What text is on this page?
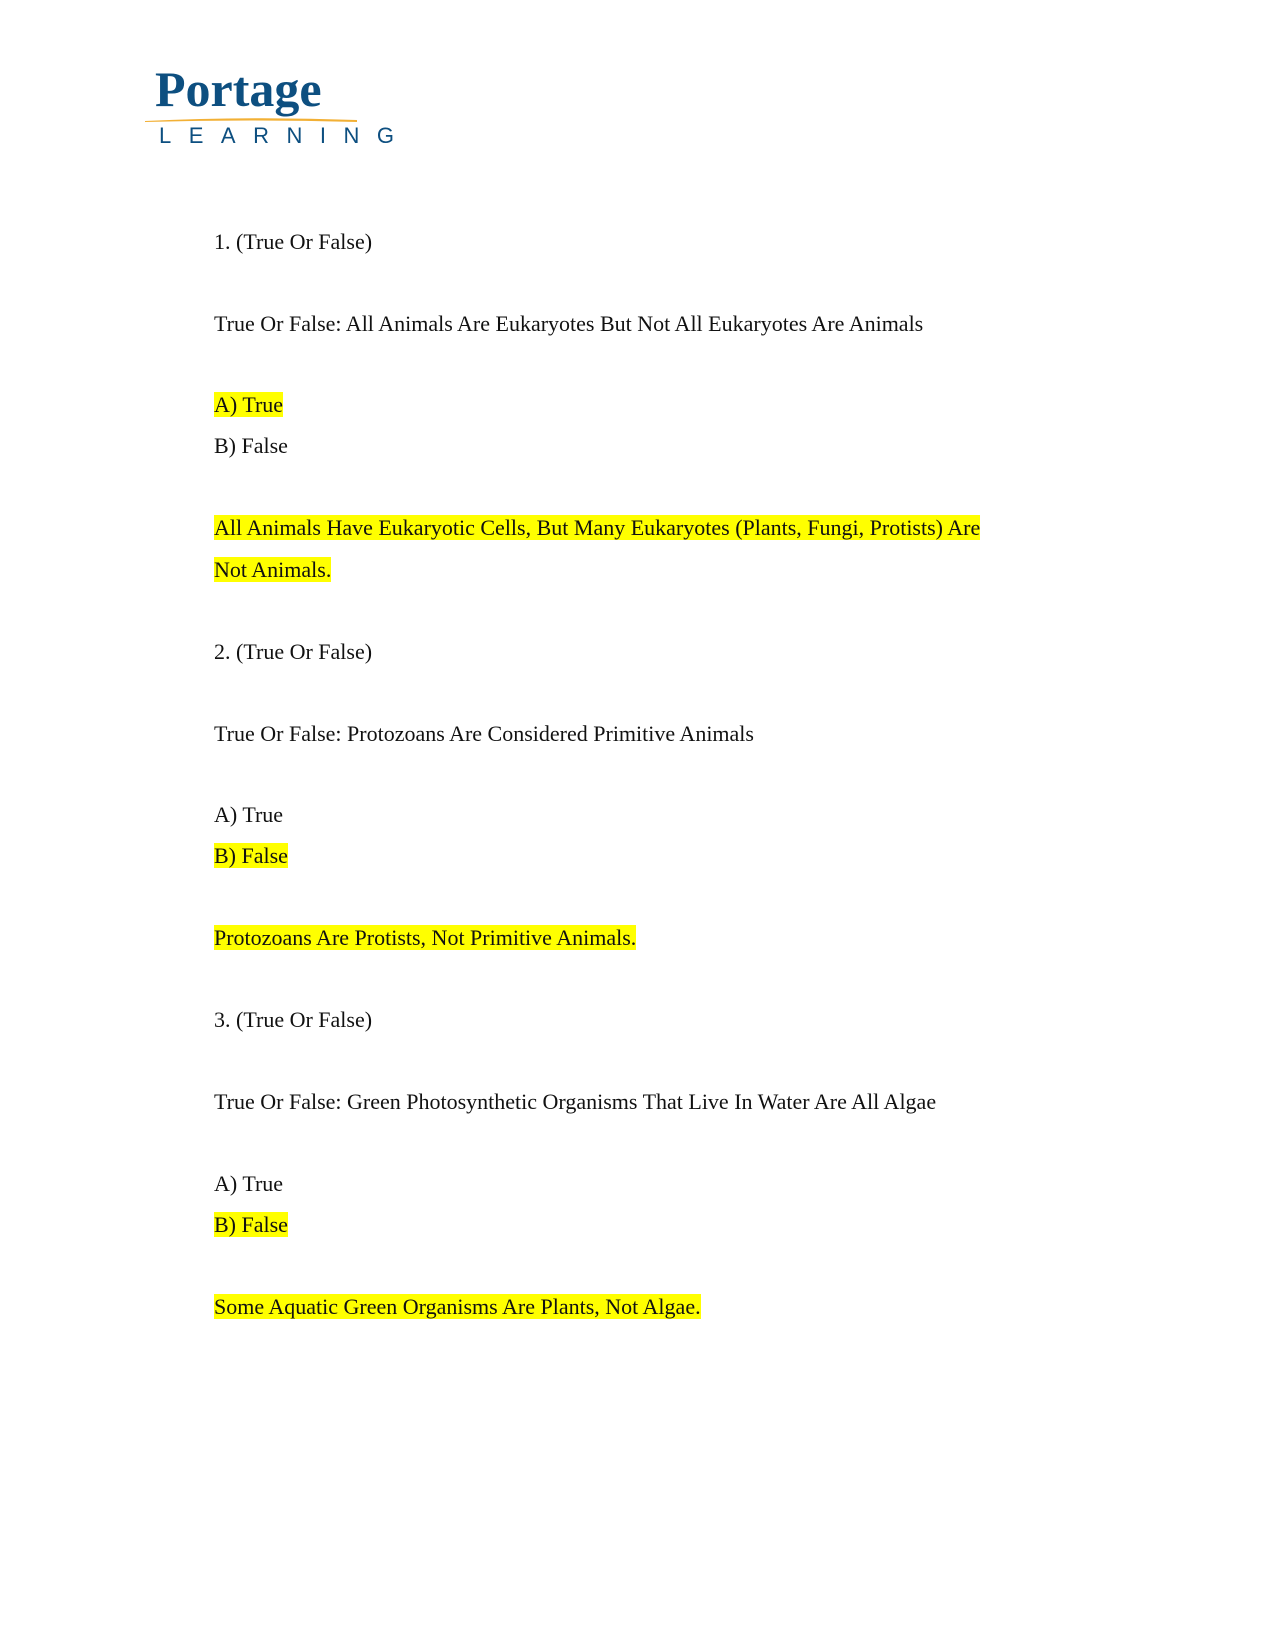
Portage
LEARNING
1. (True Or False)
True Or False: All Animals Are Eukaryotes But Not All Eukaryotes Are Animals
A) True
B) False
All Animals Have Eukaryotic Cells, But Many Eukaryotes (Plants, Fungi, Protists) Are
Not Animals.
2. (True Or False)
True Or False: Protozoans Are Considered Primitive Animals
A) True
B) False
Protozoans Are Protists, Not Primitive Animals.
3. (True Or False)
True Or False: Green Photosynthetic Organisms That Live In Water Are All Algae
A) True
B) False
Some Aquatic Green Organisms Are Plants, Not Algae.
